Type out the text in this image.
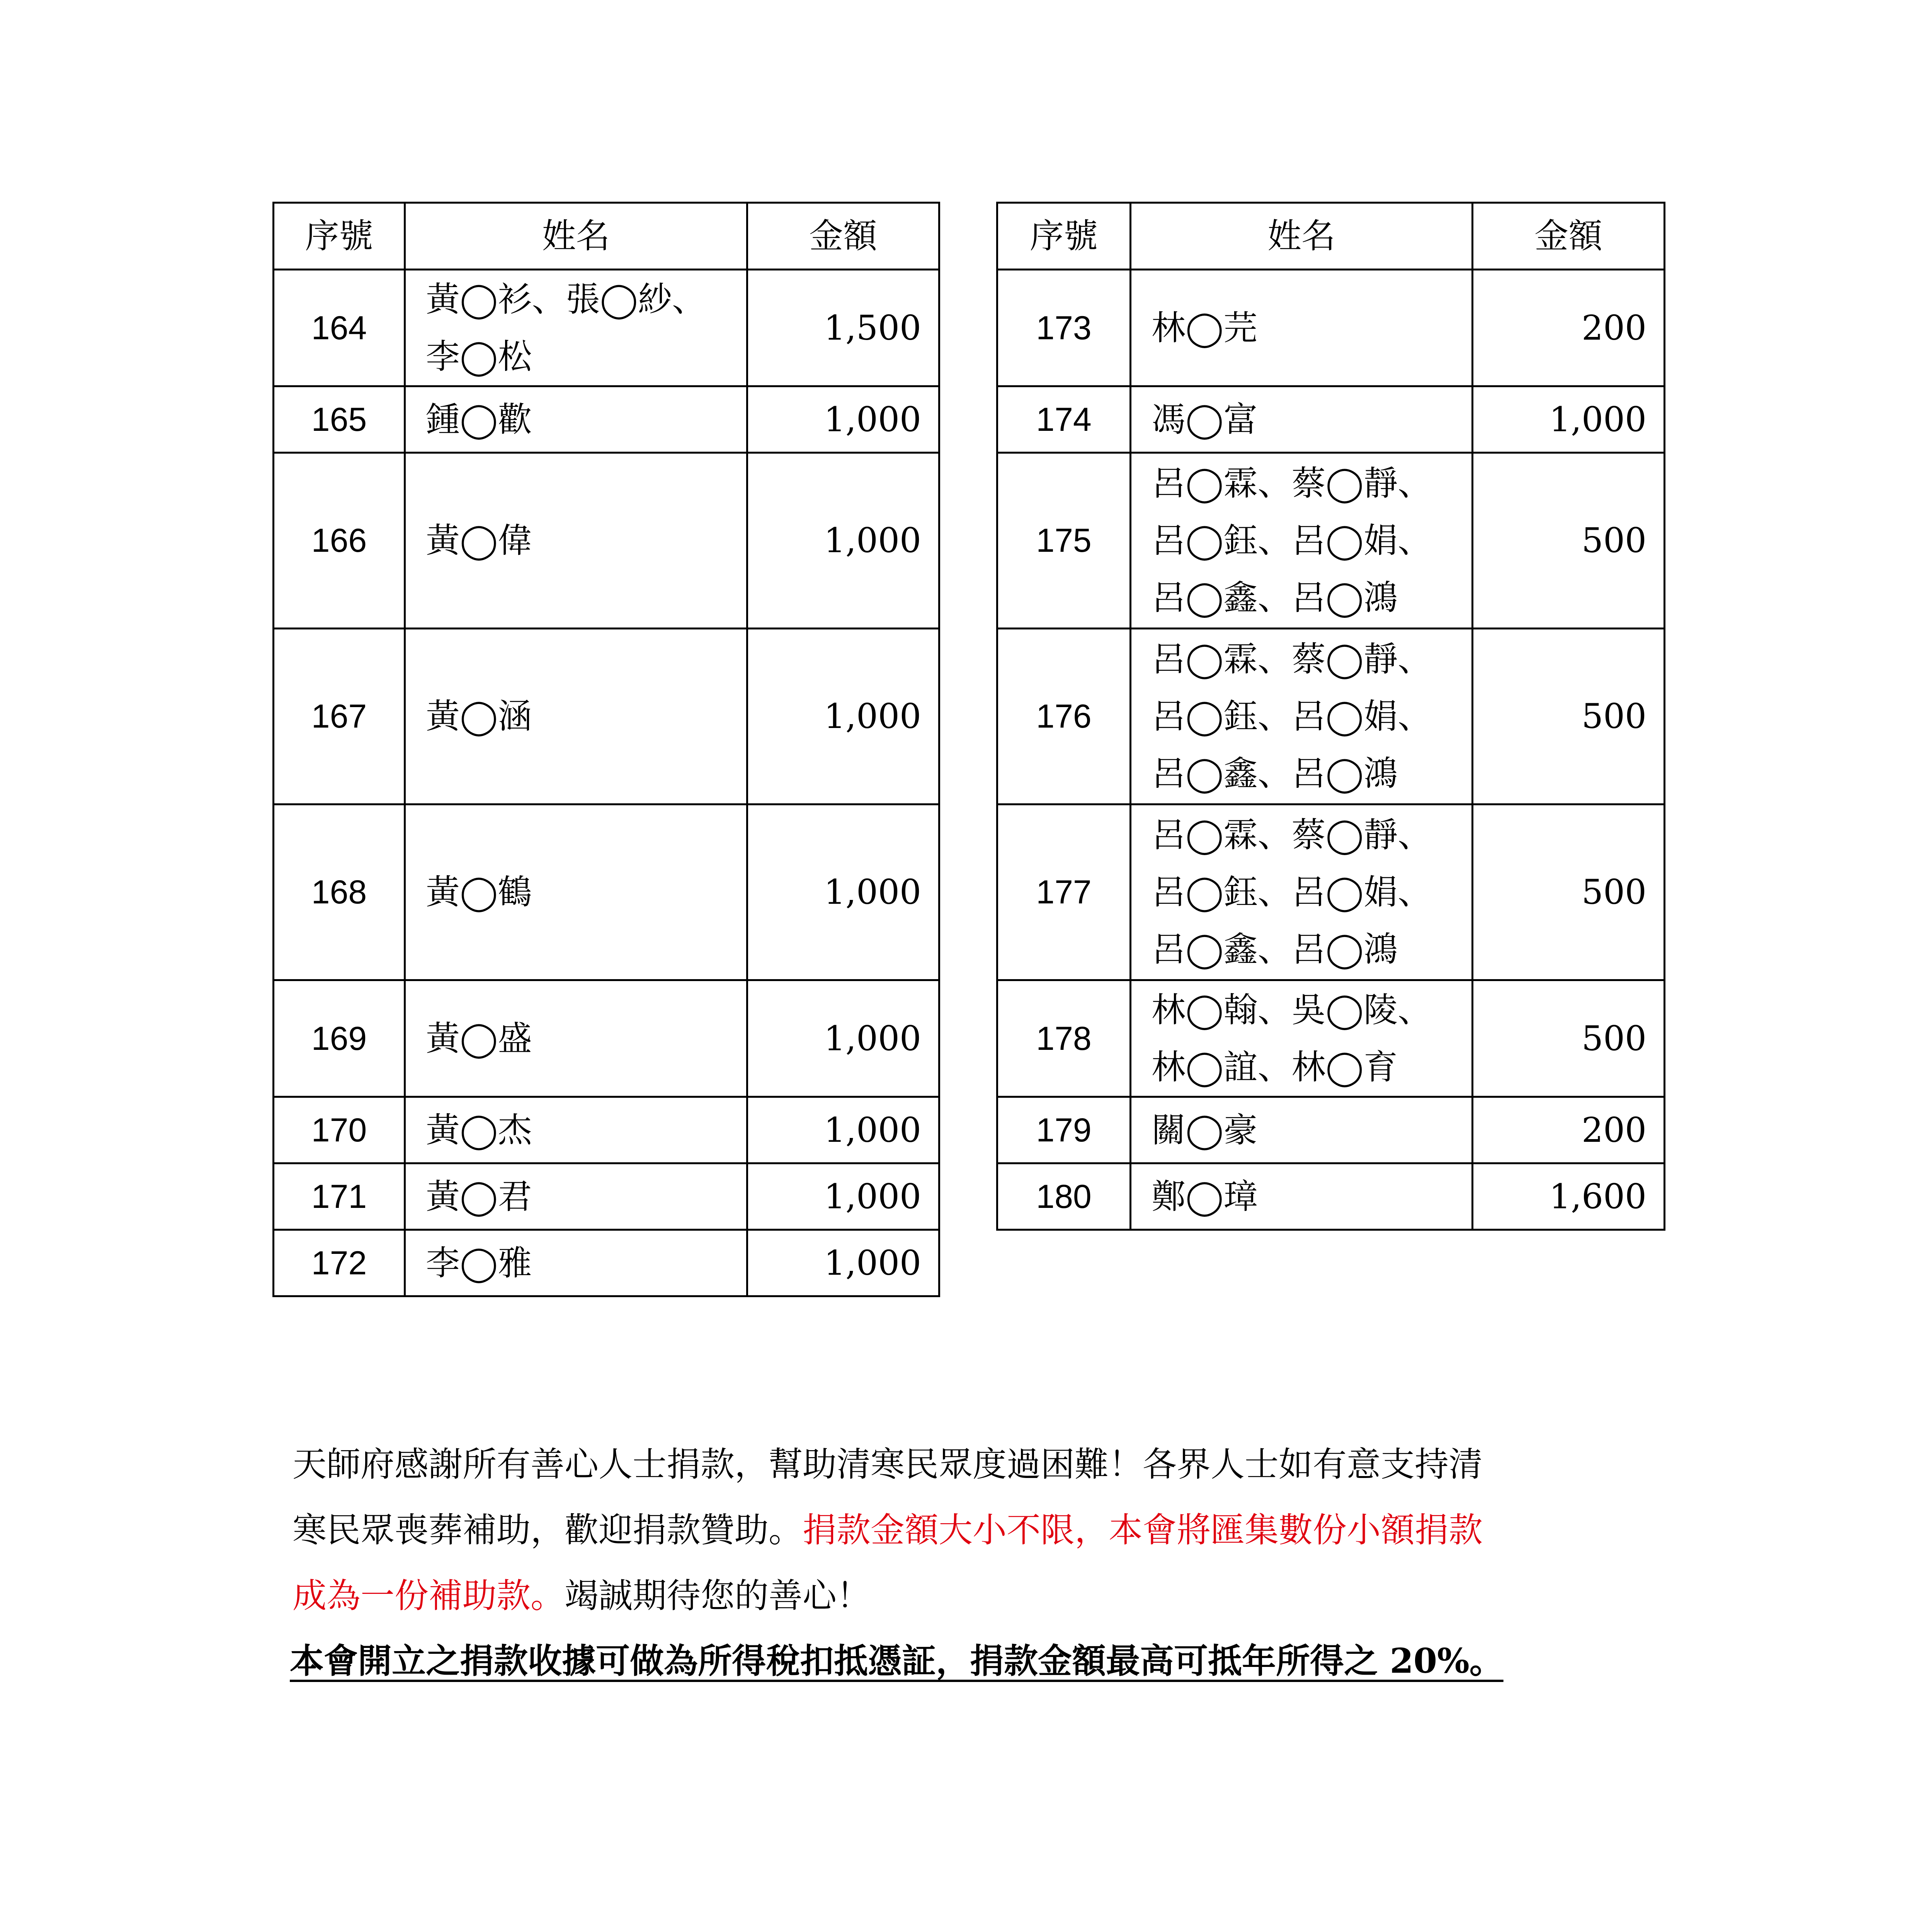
序號	姓名	金額
164	黃◯衫、張◯紗、
李◯松	1,500
165	鍾◯歡	1,000
166	黃◯偉	1,000
167	黃◯涵	1,000
168	黃◯鶴	1,000
169	黃◯盛	1,000
170	黃◯杰	1,000
171	黃◯君	1,000
172	李◯雅	1,000
序號	姓名	金額
173	林◯芫	200
174	馮◯富	1,000
175	呂◯霖、蔡◯靜、
呂◯鈺、呂◯娟、
呂◯鑫、呂◯鴻	500
176	呂◯霖、蔡◯靜、
呂◯鈺、呂◯娟、
呂◯鑫、呂◯鴻	500
177	呂◯霖、蔡◯靜、
呂◯鈺、呂◯娟、
呂◯鑫、呂◯鴻	500
178	林◯翰、吳◯陵、
林◯誼、林◯育	500
179	關◯豪	200
180	鄭◯璋	1,600
天師府感謝所有善心人士捐款，幫助清寒民眾度過困難！各界人士如有意支持清
寒民眾喪葬補助，歡迎捐款贊助。捐款金額大小不限，本會將匯集數份小額捐款
成為一份補助款。竭誠期待您的善心！
本會開立之捐款收據可做為所得稅扣抵憑証，捐款金額最高可抵年所得之 20%。
